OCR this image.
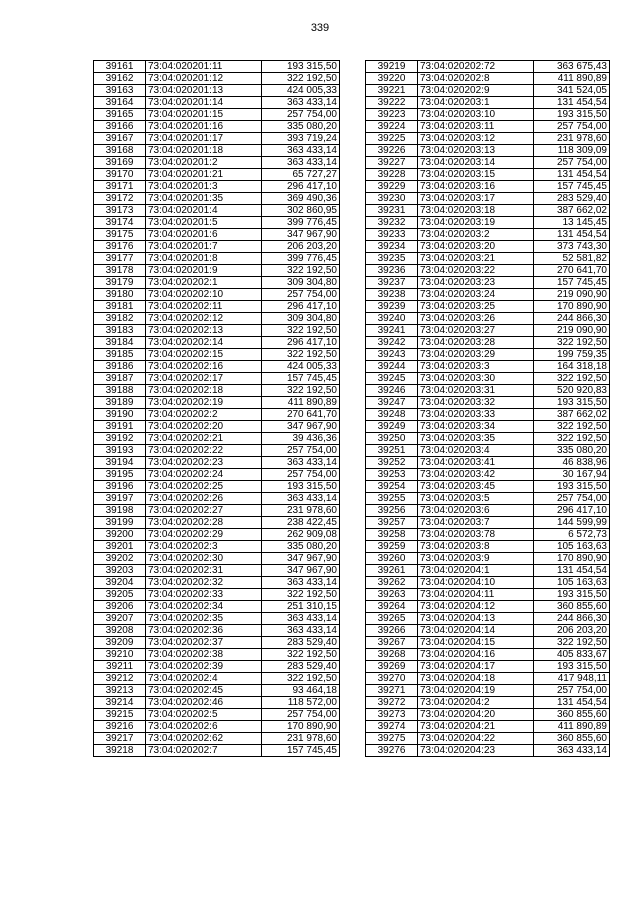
339
39161	73:04:020201:11	193 315,50
39162	73:04:020201:12	322 192,50
39163	73:04:020201:13	424 005,33
39164	73:04:020201:14	363 433,14
39165	73:04:020201:15	257 754,00
39166	73:04:020201:16	335 080,20
39167	73:04:020201:17	393 719,24
39168	73:04:020201:18	363 433,14
39169	73:04:020201:2	363 433,14
39170	73:04:020201:21	65 727,27
39171	73:04:020201:3	296 417,10
39172	73:04:020201:35	369 490,36
39173	73:04:020201:4	302 860,95
39174	73:04:020201:5	399 776,45
39175	73:04:020201:6	347 967,90
39176	73:04:020201:7	206 203,20
39177	73:04:020201:8	399 776,45
39178	73:04:020201:9	322 192,50
39179	73:04:020202:1	309 304,80
39180	73:04:020202:10	257 754,00
39181	73:04:020202:11	296 417,10
39182	73:04:020202:12	309 304,80
39183	73:04:020202:13	322 192,50
39184	73:04:020202:14	296 417,10
39185	73:04:020202:15	322 192,50
39186	73:04:020202:16	424 005,33
39187	73:04:020202:17	157 745,45
39188	73:04:020202:18	322 192,50
39189	73:04:020202:19	411 890,89
39190	73:04:020202:2	270 641,70
39191	73:04:020202:20	347 967,90
39192	73:04:020202:21	39 436,36
39193	73:04:020202:22	257 754,00
39194	73:04:020202:23	363 433,14
39195	73:04:020202:24	257 754,00
39196	73:04:020202:25	193 315,50
39197	73:04:020202:26	363 433,14
39198	73:04:020202:27	231 978,60
39199	73:04:020202:28	238 422,45
39200	73:04:020202:29	262 909,08
39201	73:04:020202:3	335 080,20
39202	73:04:020202:30	347 967,90
39203	73:04:020202:31	347 967,90
39204	73:04:020202:32	363 433,14
39205	73:04:020202:33	322 192,50
39206	73:04:020202:34	251 310,15
39207	73:04:020202:35	363 433,14
39208	73:04:020202:36	363 433,14
39209	73:04:020202:37	283 529,40
39210	73:04:020202:38	322 192,50
39211	73:04:020202:39	283 529,40
39212	73:04:020202:4	322 192,50
39213	73:04:020202:45	93 464,18
39214	73:04:020202:46	118 572,00
39215	73:04:020202:5	257 754,00
39216	73:04:020202:6	170 890,90
39217	73:04:020202:62	231 978,60
39218	73:04:020202:7	157 745,45
39219	73:04:020202:72	363 675,43
39220	73:04:020202:8	411 890,89
39221	73:04:020202:9	341 524,05
39222	73:04:020203:1	131 454,54
39223	73:04:020203:10	193 315,50
39224	73:04:020203:11	257 754,00
39225	73:04:020203:12	231 978,60
39226	73:04:020203:13	118 309,09
39227	73:04:020203:14	257 754,00
39228	73:04:020203:15	131 454,54
39229	73:04:020203:16	157 745,45
39230	73:04:020203:17	283 529,40
39231	73:04:020203:18	387 662,02
39232	73:04:020203:19	13 145,45
39233	73:04:020203:2	131 454,54
39234	73:04:020203:20	373 743,30
39235	73:04:020203:21	52 581,82
39236	73:04:020203:22	270 641,70
39237	73:04:020203:23	157 745,45
39238	73:04:020203:24	219 090,90
39239	73:04:020203:25	170 890,90
39240	73:04:020203:26	244 866,30
39241	73:04:020203:27	219 090,90
39242	73:04:020203:28	322 192,50
39243	73:04:020203:29	199 759,35
39244	73:04:020203:3	164 318,18
39245	73:04:020203:30	322 192,50
39246	73:04:020203:31	520 920,83
39247	73:04:020203:32	193 315,50
39248	73:04:020203:33	387 662,02
39249	73:04:020203:34	322 192,50
39250	73:04:020203:35	322 192,50
39251	73:04:020203:4	335 080,20
39252	73:04:020203:41	46 838,96
39253	73:04:020203:42	30 167,94
39254	73:04:020203:45	193 315,50
39255	73:04:020203:5	257 754,00
39256	73:04:020203:6	296 417,10
39257	73:04:020203:7	144 599,99
39258	73:04:020203:78	6 572,73
39259	73:04:020203:8	105 163,63
39260	73:04:020203:9	170 890,90
39261	73:04:020204:1	131 454,54
39262	73:04:020204:10	105 163,63
39263	73:04:020204:11	193 315,50
39264	73:04:020204:12	360 855,60
39265	73:04:020204:13	244 866,30
39266	73:04:020204:14	206 203,20
39267	73:04:020204:15	322 192,50
39268	73:04:020204:16	405 833,67
39269	73:04:020204:17	193 315,50
39270	73:04:020204:18	417 948,11
39271	73:04:020204:19	257 754,00
39272	73:04:020204:2	131 454,54
39273	73:04:020204:20	360 855,60
39274	73:04:020204:21	411 890,89
39275	73:04:020204:22	360 855,60
39276	73:04:020204:23	363 433,14
